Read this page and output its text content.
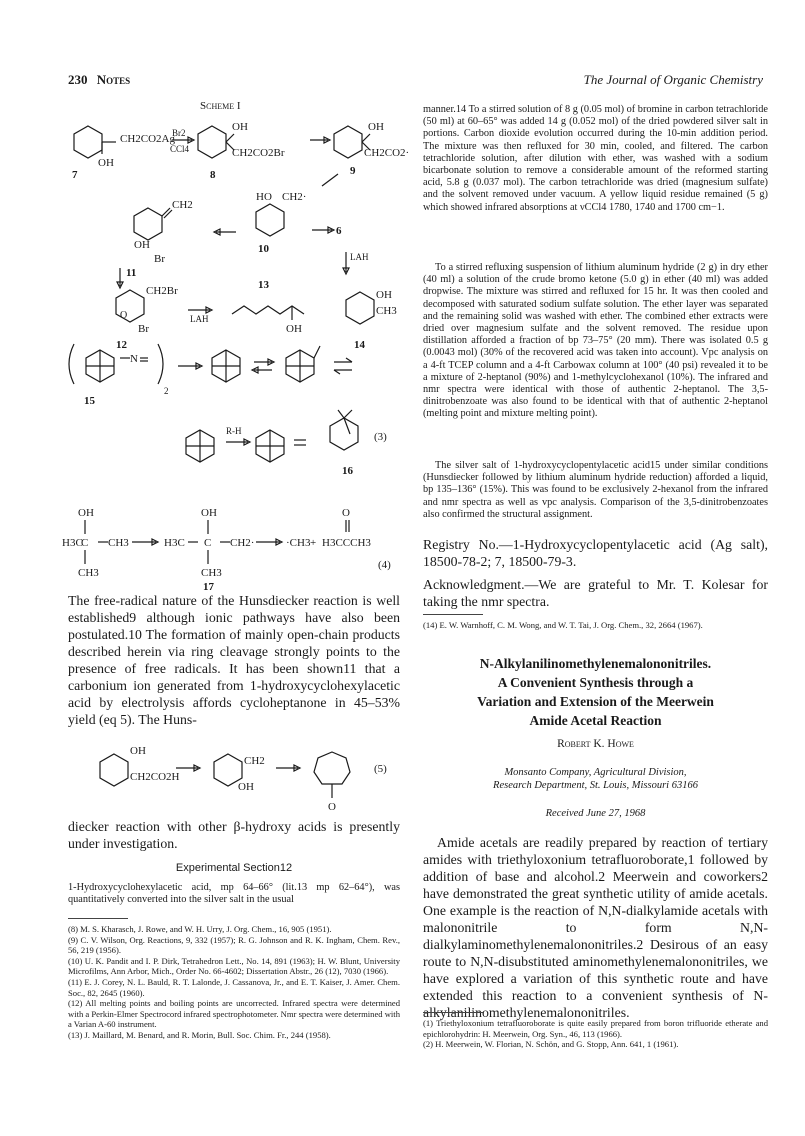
230 Notes	The Journal of Organic Chemistry
Scheme I
CH2CO2Ag
OH
Br2
CCl4
OH
CH2CO2Br
OH
CH2CO2·
7	8	9
CH2
OH
Br
HO CH2·
6
11
10
LAH
CH2Br
O
Br
LAH
OH
OH
CH3
12
13
14
N
2
15
R-H	(3)
16
OH
H3C
C CH3
CH3
OH
H3C C CH2·
CH3
17
O
·CH3 + H3CCCH3
(4)
The free-radical nature of the Hunsdiecker reaction is well established9 although ionic pathways have also been postulated.10 The formation of mainly open-chain products described herein via ring cleavage strongly points to the presence of free radicals. It has been shown11 that a carbonium ion generated from 1-hydroxycyclohexylacetic acid by electrolysis affords cycloheptanone in 45–53% yield (eq 5). The Huns-
OH
CH2CO2H
CH2
OH
O
(5)
diecker reaction with other β-hydroxy acids is presently under investigation.
Experimental Section12
1-Hydroxycyclohexylacetic acid, mp 64–66° (lit.13 mp 62–64°), was quantitatively converted into the silver salt in the usual

(8) M. S. Kharasch, J. Rowe, and W. H. Urry, J. Org. Chem., 16, 905 (1951).

(9) C. V. Wilson, Org. Reactions, 9, 332 (1957); R. G. Johnson and R. K. Ingham, Chem. Rev., 56, 219 (1956).

(10) U. K. Pandit and I. P. Dirk, Tetrahedron Lett., No. 14, 891 (1963); H. W. Blunt, University Microfilms, Ann Arbor, Mich., Order No. 66-4602; Dissertation Abstr., 26 (12), 7030 (1966).

(11) E. J. Corey, N. L. Bauld, R. T. Lalonde, J. Cassanova, Jr., and E. T. Kaiser, J. Amer. Chem. Soc., 82, 2645 (1960).

(12) All melting points and boiling points are uncorrected. Infrared spectra were determined with a Perkin-Elmer Spectrocord infrared spectrophotometer. Nmr spectra were determined with a Varian A-60 instrument.

(13) J. Maillard, M. Benard, and R. Morin, Bull. Soc. Chim. Fr., 244 (1958).

manner.14 To a stirred solution of 8 g (0.05 mol) of bromine in carbon tetrachloride (50 ml) at 60–65° was added 14 g (0.052 mol) of the dried powdered silver salt in portions. Carbon dioxide evolution occurred during the 10-min addition period. The mixture was then refluxed for 30 min, cooled, and filtered. The carbon tetrachloride solution, after dilution with ether, was washed with a sodium bicarbonate solution to remove a considerable amount of the reformed starting acid, 5.8 g (0.037 mol). The carbon tetrachloride was dried (magnesium sulfate) and the solvent removed under vacuum. A yellow liquid residue remained (5 g) which showed infrared absorptions at νCCl4 1780, 1740 and 1700 cm−1.
To a stirred refluxing suspension of lithium aluminum hydride (2 g) in dry ether (40 ml) a solution of the crude bromo ketone (5.0 g) in ether (40 ml) was added dropwise. The mixture was stirred and refluxed for 15 hr. It was then cooled and decomposed with saturated sodium sulfate solution. The ether layer was separated and the remaining solid was washed with ether. The combined ether extracts were dried over magnesium sulfate and the solvent removed. The residue upon distillation afforded a fraction of bp 73–75° (20 mm). There was isolated 0.5 g (0.0043 mol) (30% of the recovered acid was taken into account). Vpc analysis on a 4-ft TCEP column and a 4-ft Carbowax column at 100° (40 psi) revealed it to be a mixture of 2-heptanol (90%) and 1-methylcyclohexanol (10%). The infrared and nmr spectra were identical with those of authentic 2-heptanol. The 3,5-dinitrobenzoate was also found to be identical with that of authentic 2-heptanol (melting point and mixture melting point).
The silver salt of 1-hydroxycyclopentylacetic acid15 under similar conditions (Hunsdiecker followed by lithium aluminum hydride reduction) afforded a liquid, bp 135–136° (15%). This was found to be exclusively 2-hexanol from the infrared and nmr spectra as well as vpc analysis. Comparison of the 3,5-dinitrobenzoates also confirmed the structural assignment.
Registry No.—1-Hydroxycyclopentylacetic acid (Ag salt), 18500-78-2; 7, 18500-79-3.
Acknowledgment.—We are grateful to Mr. T. Kolesar for taking the nmr spectra.
(14) E. W. Warnhoff, C. M. Wong, and W. T. Tai, J. Org. Chem., 32, 2664 (1967).
N-Alkylanilinomethylenemalononitriles.
A Convenient Synthesis through a
Variation and Extension of the Meerwein
Amide Acetal Reaction
Robert K. Howe
Monsanto Company, Agricultural Division,
Research Department, St. Louis, Missouri 63166
Received June 27, 1968
Amide acetals are readily prepared by reaction of tertiary amides with triethyloxonium tetrafluoroborate,1 followed by addition of base and alcohol.2 Meerwein and coworkers2 have demonstrated the great synthetic utility of amide acetals. One example is the reaction of N,N-dialkylamide acetals with malononitrile to form N,N-dialkylaminomethylenemalononitriles.2 Desirous of an easy route to N,N-disubstituted aminomethylenemalononitriles, we have explored a variation of this synthetic route and have extended this reaction to a convenient synthesis of N-alkylanilinomethylenemalononitriles.

(1) Triethyloxonium tetrafluoroborate is quite easily prepared from boron trifluoride etherate and epichlorohydrin: H. Meerwein, Org. Syn., 46, 113 (1966).

(2) H. Meerwein, W. Florian, N. Schön, and G. Stopp, Ann. 641, 1 (1961).
